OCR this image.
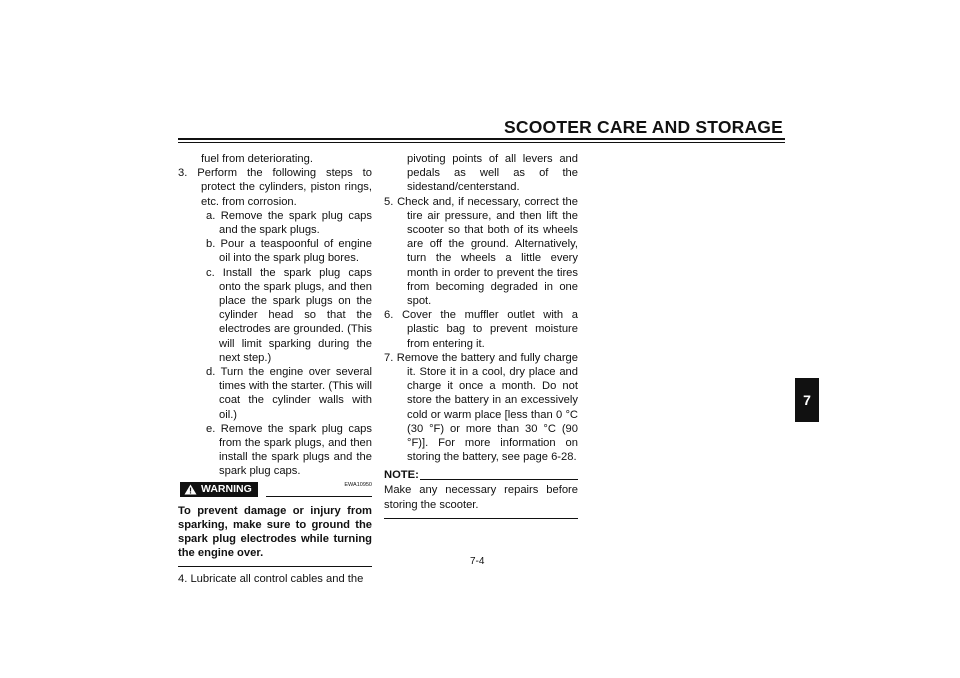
SCOOTER CARE AND STORAGE
fuel from deteriorating.
3. Perform the following steps to protect the cylinders, piston rings, etc. from corrosion.
a. Remove the spark plug caps and the spark plugs.
b. Pour a teaspoonful of engine oil into the spark plug bores.
c. Install the spark plug caps onto the spark plugs, and then place the spark plugs on the cylinder head so that the electrodes are grounded. (This will limit sparking during the next step.)
d. Turn the engine over several times with the starter. (This will coat the cylinder walls with oil.)
e. Remove the spark plug caps from the spark plugs, and then install the spark plugs and the spark plug caps.
WARNING	EWA10950
To prevent damage or injury from sparking, make sure to ground the spark plug electrodes while turning the engine over.
4. Lubricate all control cables and the
pivoting points of all levers and pedals as well as of the sidestand/centerstand.
5. Check and, if necessary, correct the tire air pressure, and then lift the scooter so that both of its wheels are off the ground. Alternatively, turn the wheels a little every month in order to prevent the tires from becoming degraded in one spot.
6. Cover the muffler outlet with a plastic bag to prevent moisture from entering it.
7. Remove the battery and fully charge it. Store it in a cool, dry place and charge it once a month. Do not store the battery in an excessively cold or warm place [less than 0 °C (30 °F) or more than 30 °C (90 °F)]. For more information on storing the battery, see page 6-28.
NOTE:
Make any necessary repairs before storing the scooter.
7
7-4
